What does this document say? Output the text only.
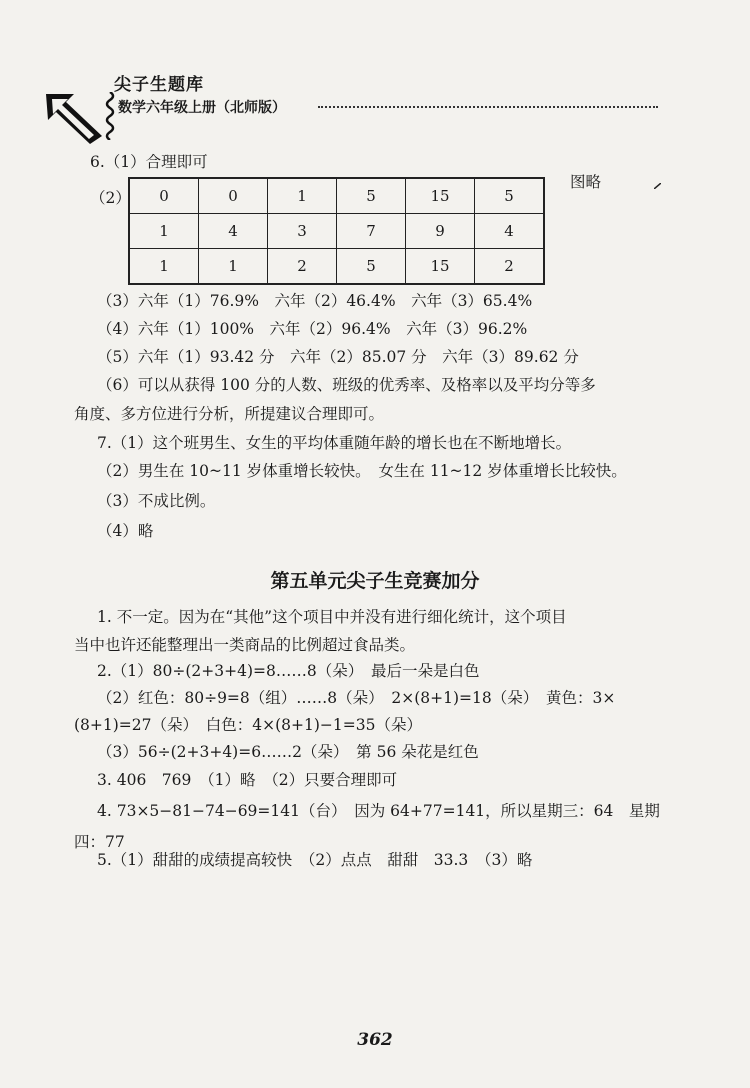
尖子生题库
数学六年级上册（北师版）
6.（1）合理即可
（2）
图略
0	0	1	5	15	5
1	4	3	7	9	4
1	1	2	5	15	2
（3）六年（1）76.9%　六年（2）46.4%　六年（3）65.4%
（4）六年（1）100%　六年（2）96.4%　六年（3）96.2%
（5）六年（1）93.42 分　六年（2）85.07 分　六年（3）89.62 分
（6）可以从获得 100 分的人数、班级的优秀率、及格率以及平均分等多
角度、多方位进行分析，所提建议合理即可。
7.（1）这个班男生、女生的平均体重随年龄的增长也在不断地增长。
（2）男生在 10~11 岁体重增长较快。　女生在 11~12 岁体重增长比较快。
（3）不成比例。
（4）略
第五单元尖子生竞赛加分
1. 不一定。因为在“其他”这个项目中并没有进行细化统计，这个项目
当中也许还能整理出一类商品的比例超过食品类。
2.（1）80÷(2+3+4)=8……8（朵）　最后一朵是白色
（2）红色：80÷9=8（组）……8（朵）　2×(8+1)=18（朵）　黄色：3×
(8+1)=27（朵）　白色：4×(8+1)−1=35（朵）
（3）56÷(2+3+4)=6……2（朵）　第 56 朵花是红色
3. 406　769　（1）略　（2）只要合理即可
4. 73×5−81−74−69=141（台）　因为 64+77=141，所以星期三：64　星期
四：77
5.（1）甜甜的成绩提高较快　（2）点点　甜甜　33.3　（3）略
362
